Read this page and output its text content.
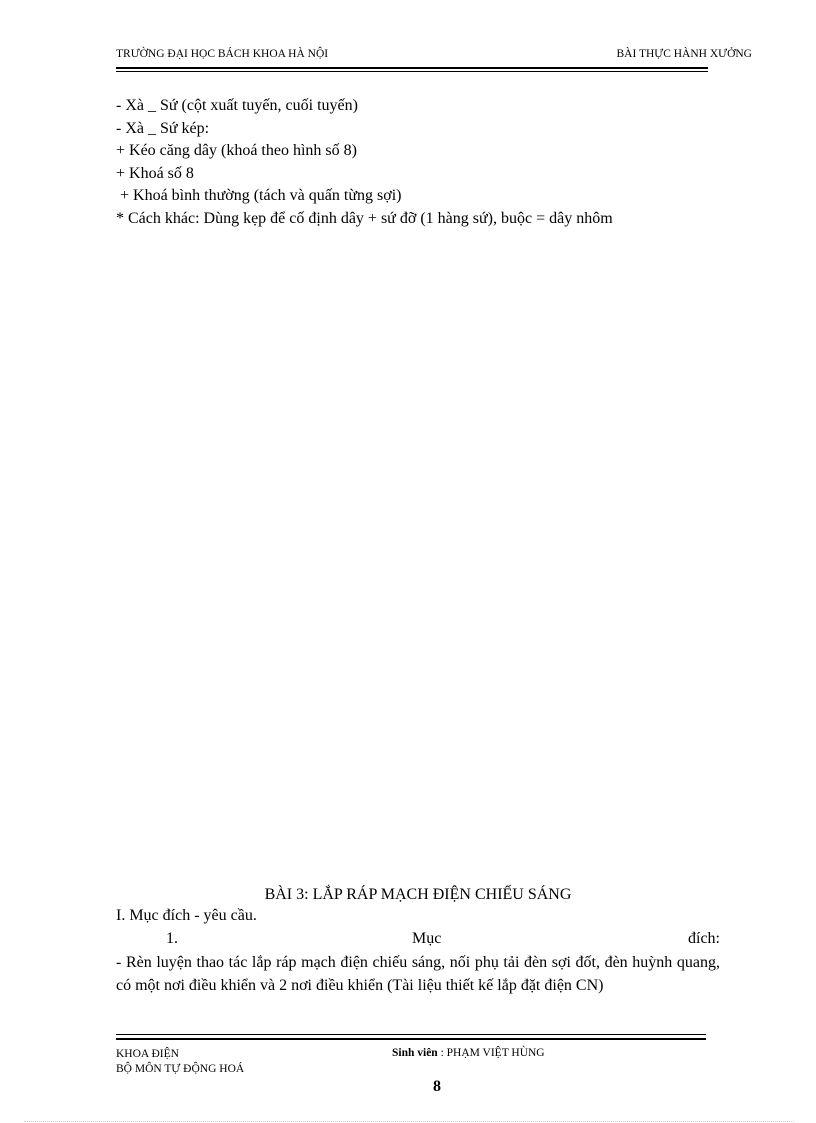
TRƯỜNG ĐẠI HỌC BÁCH KHOA HÀ NỘI	BÀI THỰC HÀNH XƯỞNG
- Xà _ Sứ (cột xuất tuyến, cuối tuyến)
- Xà _ Sứ kép:
+ Kéo căng dây (khoá theo hình số 8)
+ Khoá số 8
+ Khoá bình thường (tách và quấn từng sợi)
* Cách khác: Dùng kẹp để cố định dây + sứ đỡ (1 hàng sứ), buộc = dây nhôm
BÀI 3: LẮP RÁP MẠCH ĐIỆN CHIẾU SÁNG
I. Mục đích - yêu cầu.
1.	Mục	đích:
- Rèn luyện thao tác lắp ráp mạch điện chiếu sáng, nối phụ tải đèn sợi đốt, đèn huỳnh quang, có một nơi điều khiển và 2 nơi điều khiển (Tài liệu thiết kế lắp đặt điện CN)
KHOA ĐIỆN
BỘ MÔN TỰ ĐỘNG HOÁ
Sinh viên : PHẠM VIỆT HÙNG
8
